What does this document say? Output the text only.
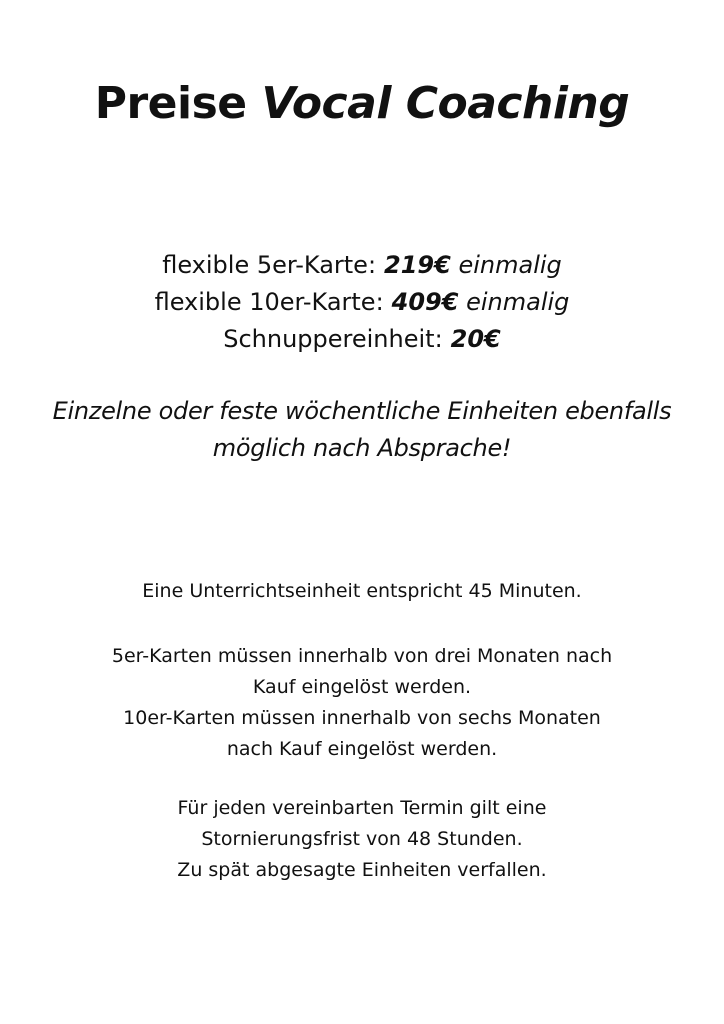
Preise Vocal Coaching
flexible 5er-Karte: 219€ einmalig
flexible 10er-Karte: 409€ einmalig
Schnuppereinheit: 20€
Einzelne oder feste wöchentliche Einheiten ebenfalls
möglich nach Absprache!
Eine Unterrichtseinheit entspricht 45 Minuten.
5er-Karten müssen innerhalb von drei Monaten nach
Kauf eingelöst werden.
10er-Karten müssen innerhalb von sechs Monaten
nach Kauf eingelöst werden.
Für jeden vereinbarten Termin gilt eine
Stornierungsfrist von 48 Stunden.
Zu spät abgesagte Einheiten verfallen.
